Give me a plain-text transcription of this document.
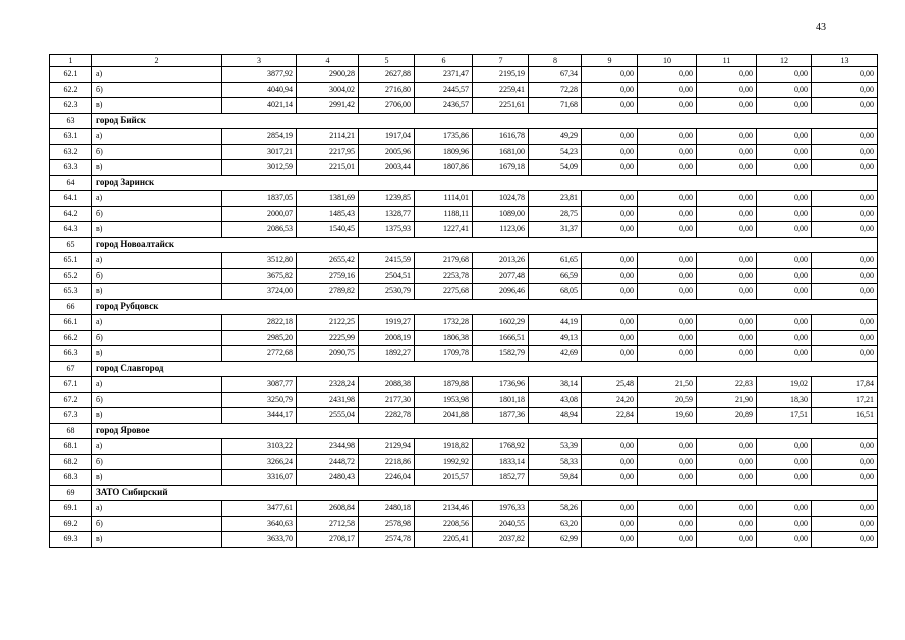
43
1	2	3	4	5	6	7	8	9	10	11	12	13
62.1	а)	3877,92	2900,28	2627,88	2371,47	2195,19	67,34	0,00	0,00	0,00	0,00	0,00
62.2	б)	4040,94	3004,02	2716,80	2445,57	2259,41	72,28	0,00	0,00	0,00	0,00	0,00
62.3	в)	4021,14	2991,42	2706,00	2436,57	2251,61	71,68	0,00	0,00	0,00	0,00	0,00
63	город Бийск											
63.1	а)	2854,19	2114,21	1917,04	1735,86	1616,78	49,29	0,00	0,00	0,00	0,00	0,00
63.2	б)	3017,21	2217,95	2005,96	1809,96	1681,00	54,23	0,00	0,00	0,00	0,00	0,00
63.3	в)	3012,59	2215,01	2003,44	1807,86	1679,18	54,09	0,00	0,00	0,00	0,00	0,00
64	город Заринск											
64.1	а)	1837,05	1381,69	1239,85	1114,01	1024,78	23,81	0,00	0,00	0,00	0,00	0,00
64.2	б)	2000,07	1485,43	1328,77	1188,11	1089,00	28,75	0,00	0,00	0,00	0,00	0,00
64.3	в)	2086,53	1540,45	1375,93	1227,41	1123,06	31,37	0,00	0,00	0,00	0,00	0,00
65	город Новоалтайск											
65.1	а)	3512,80	2655,42	2415,59	2179,68	2013,26	61,65	0,00	0,00	0,00	0,00	0,00
65.2	б)	3675,82	2759,16	2504,51	2253,78	2077,48	66,59	0,00	0,00	0,00	0,00	0,00
65.3	в)	3724,00	2789,82	2530,79	2275,68	2096,46	68,05	0,00	0,00	0,00	0,00	0,00
66	город Рубцовск											
66.1	а)	2822,18	2122,25	1919,27	1732,28	1602,29	44,19	0,00	0,00	0,00	0,00	0,00
66.2	б)	2985,20	2225,99	2008,19	1806,38	1666,51	49,13	0,00	0,00	0,00	0,00	0,00
66.3	в)	2772,68	2090,75	1892,27	1709,78	1582,79	42,69	0,00	0,00	0,00	0,00	0,00
67	город Славгород											
67.1	а)	3087,77	2328,24	2088,38	1879,88	1736,96	38,14	25,48	21,50	22,83	19,02	17,84
67.2	б)	3250,79	2431,98	2177,30	1953,98	1801,18	43,08	24,20	20,59	21,90	18,30	17,21
67.3	в)	3444,17	2555,04	2282,78	2041,88	1877,36	48,94	22,84	19,60	20,89	17,51	16,51
68	город Яровое											
68.1	а)	3103,22	2344,98	2129,94	1918,82	1768,92	53,39	0,00	0,00	0,00	0,00	0,00
68.2	б)	3266,24	2448,72	2218,86	1992,92	1833,14	58,33	0,00	0,00	0,00	0,00	0,00
68.3	в)	3316,07	2480,43	2246,04	2015,57	1852,77	59,84	0,00	0,00	0,00	0,00	0,00
69	ЗАТО Сибирский											
69.1	а)	3477,61	2608,84	2480,18	2134,46	1976,33	58,26	0,00	0,00	0,00	0,00	0,00
69.2	б)	3640,63	2712,58	2578,98	2208,56	2040,55	63,20	0,00	0,00	0,00	0,00	0,00
69.3	в)	3633,70	2708,17	2574,78	2205,41	2037,82	62,99	0,00	0,00	0,00	0,00	0,00
